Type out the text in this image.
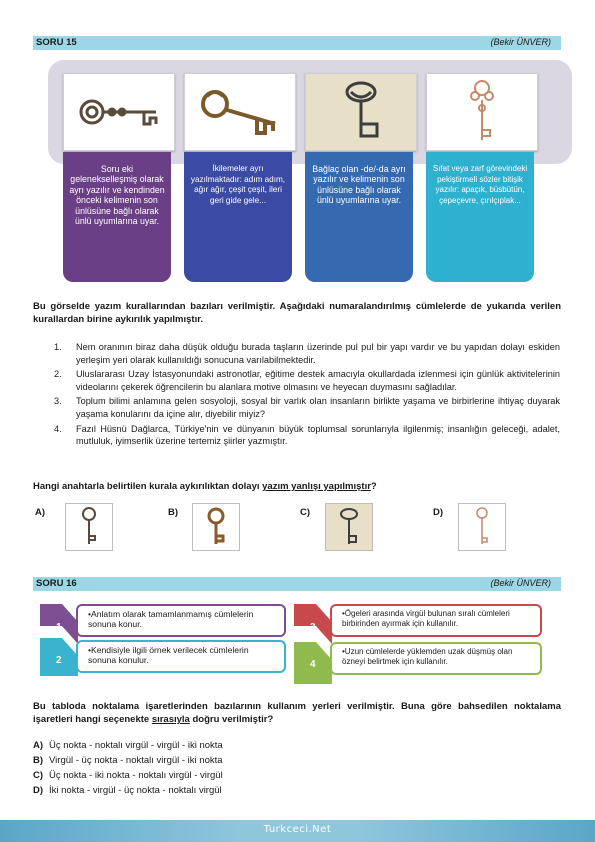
SORU 15	(Bekir ÜNVER)
Soru eki gelenekselleşmiş olarak ayrı yazılır ve kendinden önceki kelimenin son ünlüsüne bağlı olarak ünlü uyumlarına uyar.
İkilemeler ayrı yazılmaktadır: adım adım, ağır ağır, çeşit çeşit, ileri geri gide gele...
Bağlaç olan -de/-da ayrı yazılır ve kelimenin son ünlüsüne bağlı olarak ünlü uyumlarına uyar.
Sıfat veya zarf görevindeki pekiştirmeli sözler bitişik yazılır: apaçık, büsbütün, çepeçevre, çırılçıplak...
Bu görselde yazım kurallarından bazıları verilmiştir. Aşağıdaki numaralandırılmış cümlelerde de yukarıda verilen kurallardan birine aykırılık yapılmıştır.
1. Nem oranının biraz daha düşük olduğu burada taşların üzerinde pul pul bir yapı vardır ve bu yapıdan dolayı eskiden yerleşim yeri olarak kullanıldığı sonucuna varılabilmektedir.
2. Uluslararası Uzay İstasyonundaki astronotlar, eğitime destek amacıyla okullardada izlenmesi için günlük aktivitelerinin videolarını çekerek öğrencilerin bu alanlara motive olmasını ve heyecan duymasını sağladılar.
3. Toplum bilimi anlamına gelen sosyoloji, sosyal bir varlık olan insanların birlikte yaşama ve birbirlerine ihtiyaç duyarak yaşama konularını da içine alır, diyebilir miyiz?
4. Fazıl Hüsnü Dağlarca, Türkiye'nin ve dünyanın büyük toplumsal sorunlarıyla ilgilenmiş; insanlığın geleceği, adalet, mutluluk, iyimserlik üzerine tertemiz şiirler yazmıştır.
Hangi anahtarla belirtilen kurala aykırılıktan dolayı yazım yanlışı yapılmıştır?
A)	B)	C)	D)
SORU 16	(Bekir ÜNVER)
1
2
3
4
•Anlatım olarak tamamlanmamış cümlelerin sonuna konur.
•Kendisiyle ilgili örnek verilecek cümlelerin sonuna konulur.
•Ögeleri arasında virgül bulunan sıralı cümleleri birbirinden ayırmak için kullanılır.
•Uzun cümlelerde yüklemden uzak düşmüş olan özneyi belirtmek için kullanılır.
Bu tabloda noktalama işaretlerinden bazılarının kullanım yerleri verilmiştir. Buna göre bahsedilen noktalama işaretleri hangi seçenekte sırasıyla doğru verilmiştir?
A) Üç nokta - noktalı virgül - virgül - iki nokta
B) Virgül - üç nokta - noktalı virgül - iki nokta
C) Üç nokta - iki nokta - noktalı virgül - virgül
D) İki nokta - virgül - üç nokta - noktalı virgül
Turkceci.Net
